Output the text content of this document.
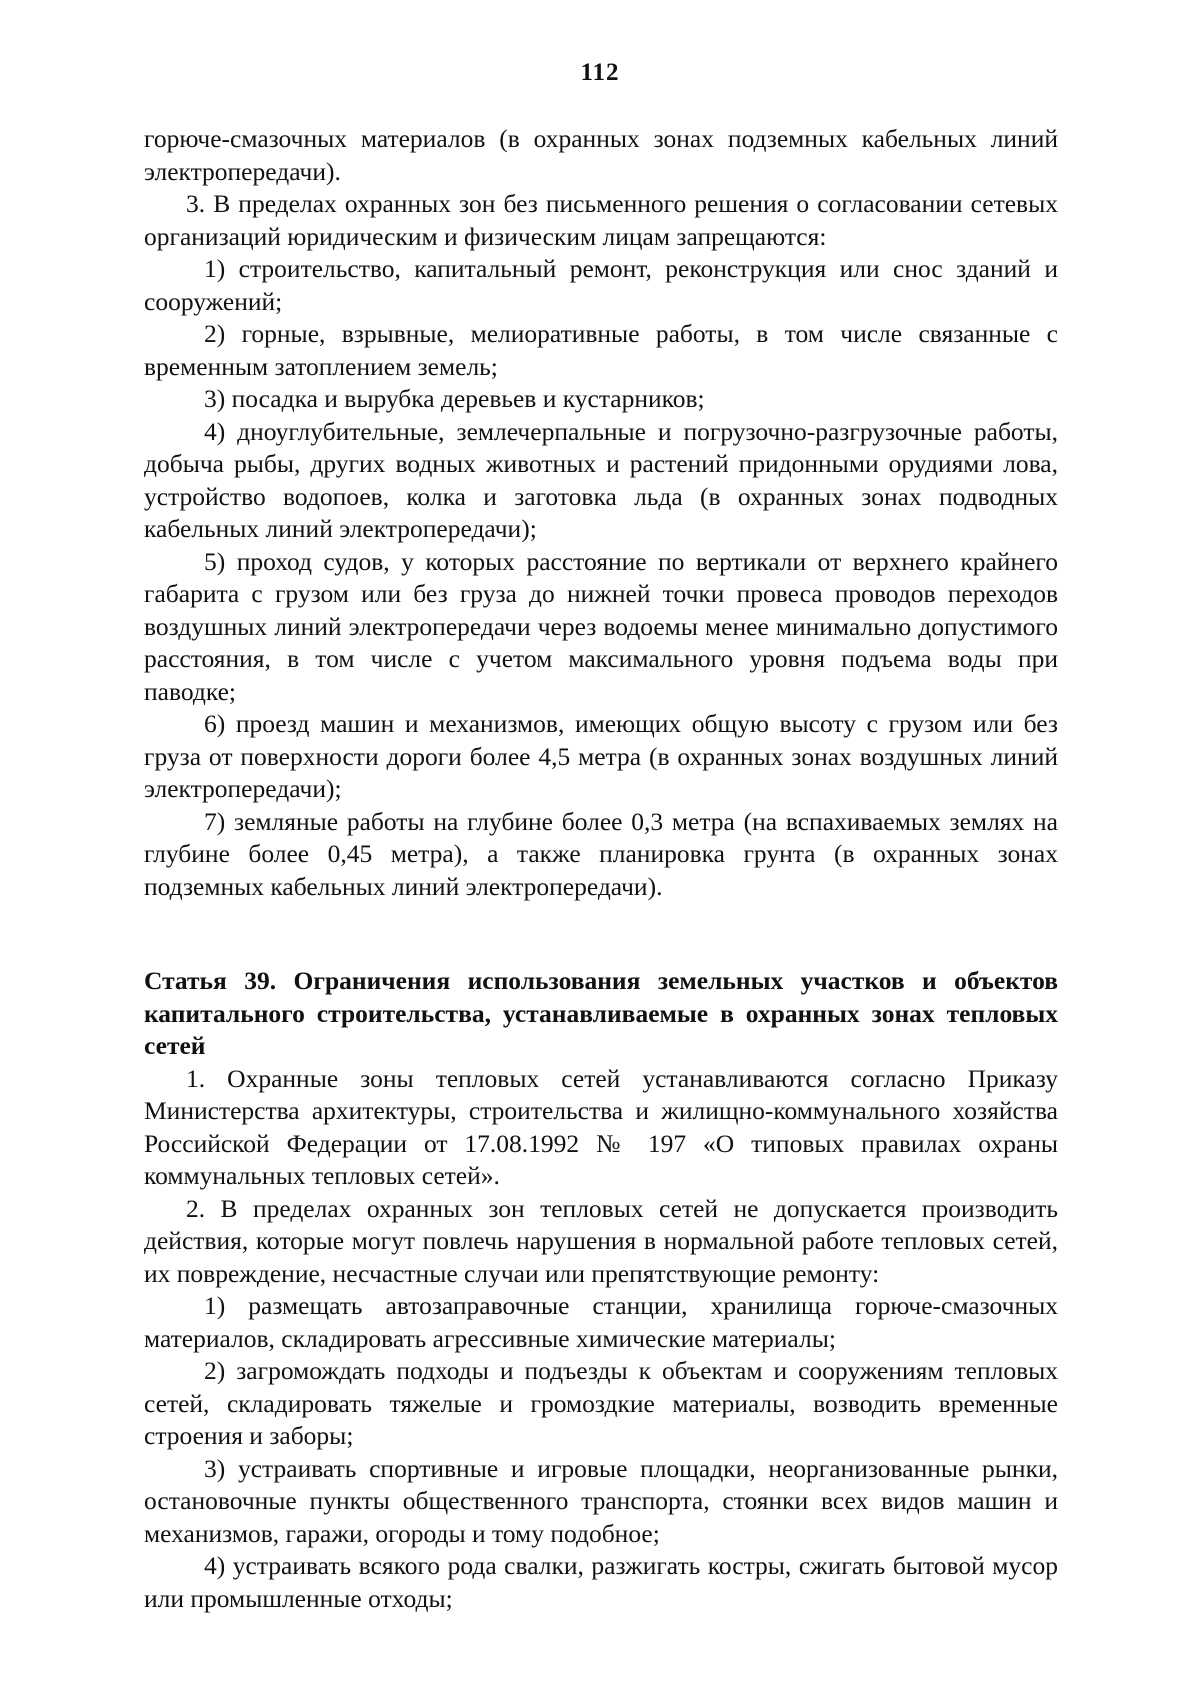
112

горюче-смазочных материалов (в охранных зонах подземных кабельных линий электропередачи).

3. В пределах охранных зон без письменного решения о согласовании сетевых организаций юридическим и физическим лицам запрещаются:

1) строительство, капитальный ремонт, реконструкция или снос зданий и сооружений;

2) горные, взрывные, мелиоративные работы, в том числе связанные с временным затоплением земель;

3) посадка и вырубка деревьев и кустарников;

4) дноуглубительные, землечерпальные и погрузочно-разгрузочные работы, добыча рыбы, других водных животных и растений придонными орудиями лова, устройство водопоев, колка и заготовка льда (в охранных зонах подводных кабельных линий электропередачи);

5) проход судов, у которых расстояние по вертикали от верхнего крайнего габарита с грузом или без груза до нижней точки провеса проводов переходов воздушных линий электропередачи через водоемы менее минимально допустимого расстояния, в том числе с учетом максимального уровня подъема воды при паводке;

6) проезд машин и механизмов, имеющих общую высоту с грузом или без груза от поверхности дороги более 4,5 метра (в охранных зонах воздушных линий электропередачи);

7) земляные работы на глубине более 0,3 метра (на вспахиваемых землях на глубине более 0,45 метра), а также планировка грунта (в охранных зонах подземных кабельных линий электропередачи).

Статья 39. Ограничения использования земельных участков и объектов капитального строительства, устанавливаемые в охранных зонах тепловых сетей

1. Охранные зоны тепловых сетей устанавливаются согласно Приказу Министерства архитектуры, строительства и жилищно-коммунального хозяйства Российской Федерации от 17.08.1992 № 197 «О типовых правилах охраны коммунальных тепловых сетей».

2. В пределах охранных зон тепловых сетей не допускается производить действия, которые могут повлечь нарушения в нормальной работе тепловых сетей, их повреждение, несчастные случаи или препятствующие ремонту:

1) размещать автозаправочные станции, хранилища горюче-смазочных материалов, складировать агрессивные химические материалы;

2) загромождать подходы и подъезды к объектам и сооружениям тепловых сетей, складировать тяжелые и громоздкие материалы, возводить временные строения и заборы;

3) устраивать спортивные и игровые площадки, неорганизованные рынки, остановочные пункты общественного транспорта, стоянки всех видов машин и механизмов, гаражи, огороды и тому подобное;

4) устраивать всякого рода свалки, разжигать костры, сжигать бытовой мусор или промышленные отходы;
